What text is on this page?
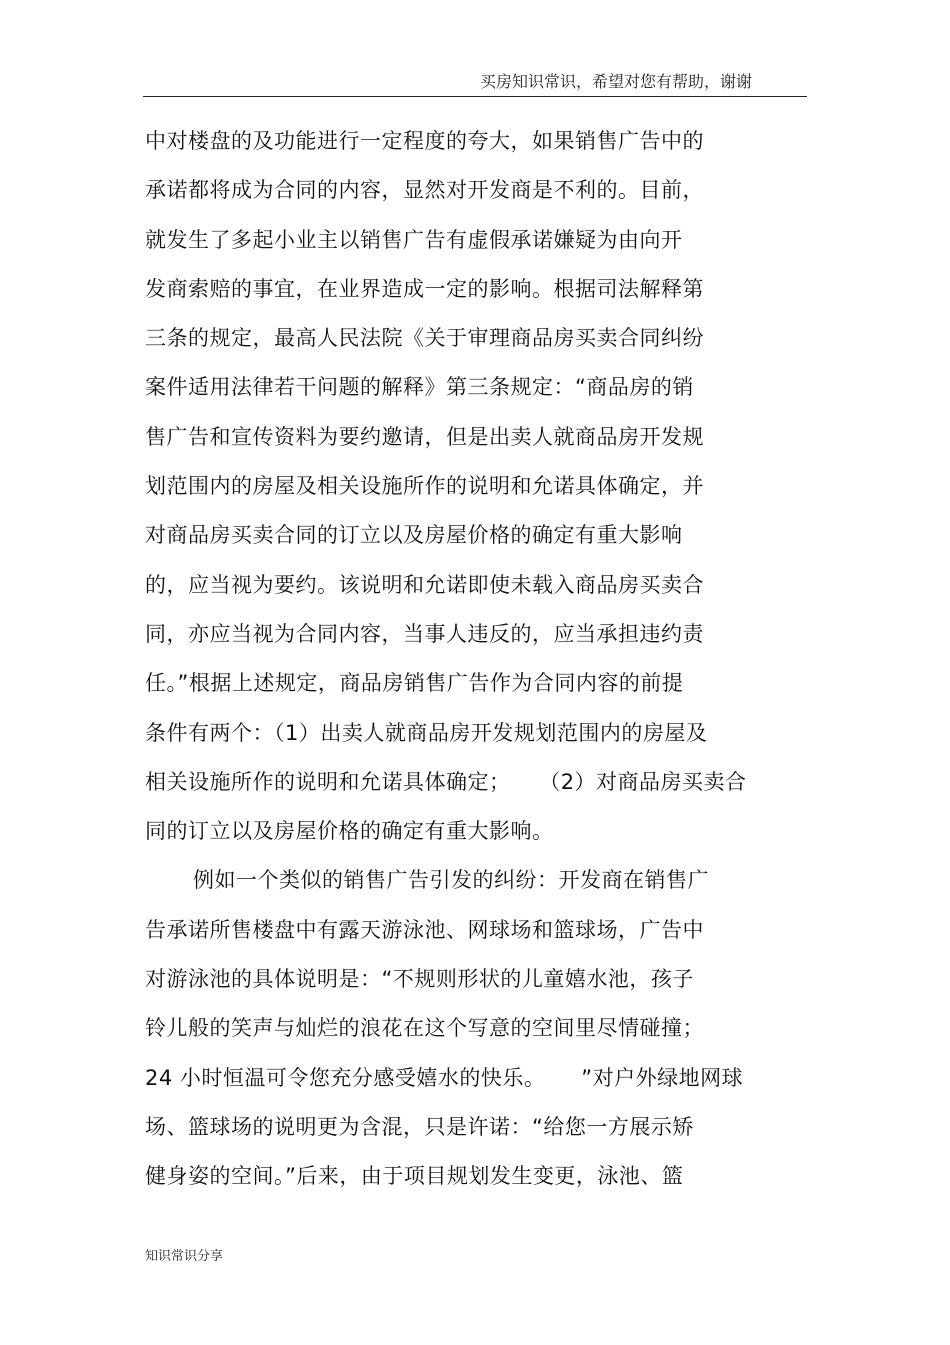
买房知识常识，希望对您有帮助，谢谢
中对楼盘的及功能进行一定程度的夸大，如果销售广告中的
承诺都将成为合同的内容，显然对开发商是不利的。目前，
就发生了多起小业主以销售广告有虚假承诺嫌疑为由向开
发商索赔的事宜，在业界造成一定的影响。根据司法解释第
三条的规定，最高人民法院《关于审理商品房买卖合同纠纷
案件适用法律若干问题的解释》第三条规定：“商品房的销
售广告和宣传资料为要约邀请，但是出卖人就商品房开发规
划范围内的房屋及相关设施所作的说明和允诺具体确定，并
对商品房买卖合同的订立以及房屋价格的确定有重大影响
的，应当视为要约。该说明和允诺即使未载入商品房买卖合
同，亦应当视为合同内容，当事人违反的，应当承担违约责
任。”根据上述规定，商品房销售广告作为合同内容的前提
条件有两个：（1）出卖人就商品房开发规划范围内的房屋及
相关设施所作的说明和允诺具体确定；    （2）对商品房买卖合
同的订立以及房屋价格的确定有重大影响。
例如一个类似的销售广告引发的纠纷：开发商在销售广
告承诺所售楼盘中有露天游泳池、网球场和篮球场，广告中
对游泳池的具体说明是：“不规则形状的儿童嬉水池，孩子
铃儿般的笑声与灿烂的浪花在这个写意的空间里尽情碰撞；
24 小时恒温可令您充分感受嬉水的快乐。     ”对户外绿地网球
场、篮球场的说明更为含混，只是许诺：“给您一方展示矫
健身姿的空间。”后来，由于项目规划发生变更，泳池、篮
知识常识分享
